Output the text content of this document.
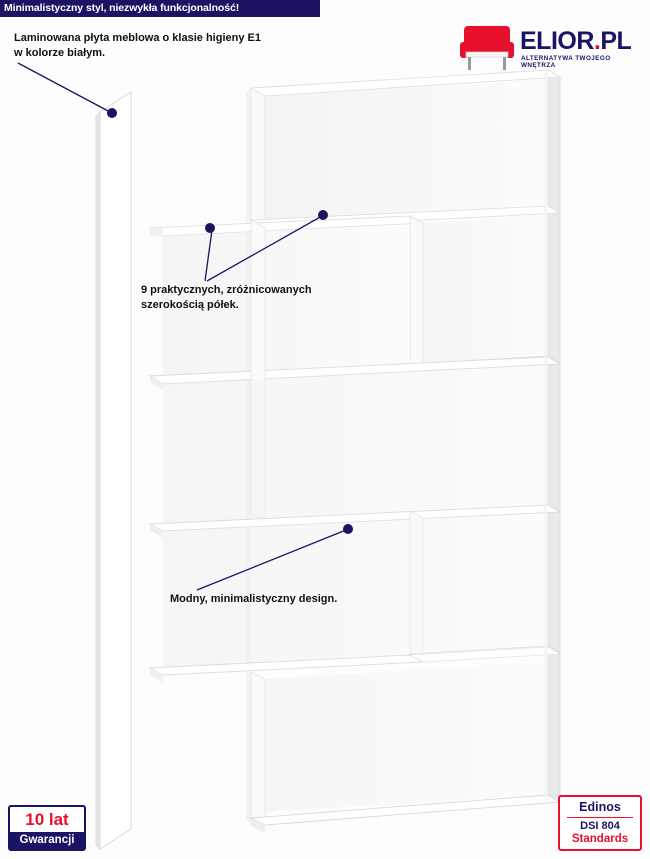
Minimalistyczny styl, niezwykła funkcjonalność!
Laminowana płyta meblowa o klasie higieny E1 w kolorze białym.
9 praktycznych, zróżnicowanych szerokością półek.
Modny, minimalistyczny design.
ELIOR.PL
ALTERNATYWA TWOJEGO WNĘTRZA
10 lat
Gwarancji
Edinos
DSI 804
Standards
